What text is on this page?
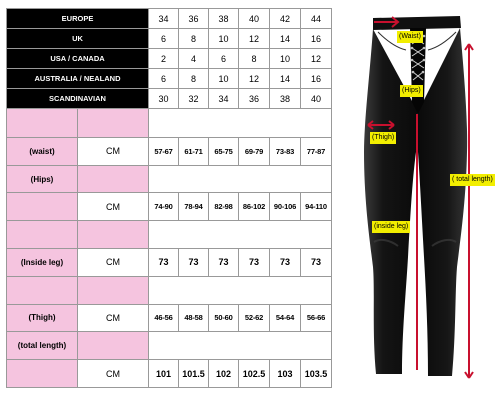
EUROPE		34	36	38	40	42	44
UK		6	8	10	12	14	16
USA / CANADA		2	4	6	8	10	12
AUSTRALIA / NEALAND		6	8	10	12	14	16
SCANDINAVIAN		30	32	34	36	38	40

(waist)	CM	57-67	61-71	65-75	69-79	73-83	77-87
(Hips)							
	CM	74-90	78-94	82-98	86-102	90-106	94-110

(Inside leg)	CM	73	73	73	73	73	73

(Thigh)	CM	46-56	48-58	50-60	52-62	54-64	56-66
(total length)							
	CM	101	101.5	102	102.5	103	103.5
(Waist)
(Hips)
(Thigh)
( total length)
(inside leg)
